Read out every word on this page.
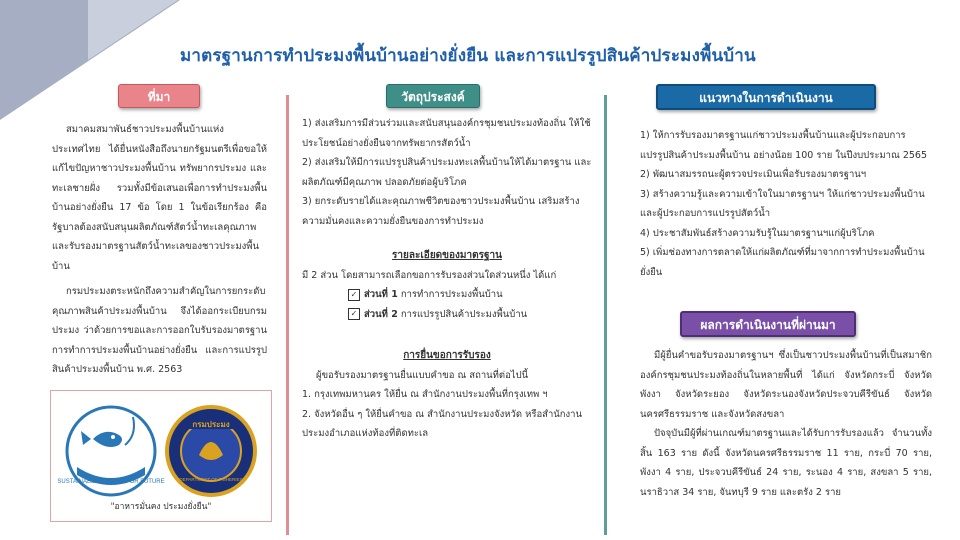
มาตรฐานการทำประมงพื้นบ้านอย่างยั่งยืน และการแปรรูปสินค้าประมงพื้นบ้าน
ที่มา

สมาคมสมาพันธ์ชาวประมงพื้นบ้านแห่งประเทศไทย ได้ยื่นหนังสือถึงนายกรัฐมนตรีเพื่อขอให้แก้ไขปัญหาชาวประมงพื้นบ้าน ทรัพยากรประมง และทะเลชายฝั่ง รวมทั้งมีข้อเสนอเพื่อการทำประมงพื้นบ้านอย่างยั่งยืน 17 ข้อ โดย 1 ในข้อเรียกร้อง คือ รัฐบาลต้องสนับสนุนผลิตภัณฑ์สัตว์น้ำทะเลคุณภาพ และรับรองมาตรฐานสัตว์น้ำทะเลของชาวประมงพื้นบ้าน

กรมประมงตระหนักถึงความสำคัญในการยกระดับคุณภาพสินค้าประมงพื้นบ้าน จึงได้ออกระเบียบกรมประมง ว่าด้วยการขอและการออกใบรับรองมาตรฐานการทำการประมงพื้นบ้านอย่างยั่งยืน และการแปรรูปสินค้าประมงพื้นบ้าน พ.ศ. 2563

SUSTAINABLE FISHING FOR FUTURE
กรมประมง
DEPARTMENT OF FISHERIES
"อาหารมั่นคง ประมงยั่งยืน"
วัตถุประสงค์

1) ส่งเสริมการมีส่วนร่วมและสนับสนุนองค์กรชุมชนประมงท้องถิ่น ให้ใช้ประโยชน์อย่างยั่งยืนจากทรัพยากรสัตว์น้ำ

2) ส่งเสริมให้มีการแปรรูปสินค้าประมงทะเลพื้นบ้านให้ได้มาตรฐาน และผลิตภัณฑ์มีคุณภาพ ปลอดภัยต่อผู้บริโภค

3) ยกระดับรายได้และคุณภาพชีวิตของชาวประมงพื้นบ้าน เสริมสร้างความมั่นคงและความยั่งยืนของการทำประมง

รายละเอียดของมาตรฐาน

มี 2 ส่วน โดยสามารถเลือกขอการรับรองส่วนใดส่วนหนึ่ง ได้แก่

✓ ส่วนที่ 1 การทำการประมงพื้นบ้าน

✓ ส่วนที่ 2 การแปรรูปสินค้าประมงพื้นบ้าน

การยื่นขอการรับรอง

ผู้ขอรับรองมาตรฐานยื่นแบบคำขอ ณ สถานที่ต่อไปนี้

1. กรุงเทพมหานคร ให้ยื่น ณ สำนักงานประมงพื้นที่กรุงเทพ ฯ

2. จังหวัดอื่น ๆ ให้ยื่นคำขอ ณ สำนักงานประมงจังหวัด หรือสำนักงานประมงอำเภอแห่งท้องที่ติดทะเล

แนวทางในการดำเนินงาน

1) ให้การรับรองมาตรฐานแก่ชาวประมงพื้นบ้านและผู้ประกอบการแปรรูปสินค้าประมงพื้นบ้าน อย่างน้อย 100 ราย ในปีงบประมาณ 2565

2) พัฒนาสมรรถนะผู้ตรวจประเมินเพื่อรับรองมาตรฐานฯ

3) สร้างความรู้และความเข้าใจในมาตรฐานฯ ให้แก่ชาวประมงพื้นบ้านและผู้ประกอบการแปรรูปสัตว์น้ำ

4) ประชาสัมพันธ์สร้างความรับรู้ในมาตรฐานฯแก่ผู้บริโภค

5) เพิ่มช่องทางการตลาดให้แก่ผลิตภัณฑ์ที่มาจากการทำประมงพื้นบ้านยั่งยืน

ผลการดำเนินงานที่ผ่านมา

มีผู้ยื่นคำขอรับรองมาตรฐานฯ ซึ่งเป็นชาวประมงพื้นบ้านที่เป็นสมาชิกองค์กรชุมชนประมงท้องถิ่นในหลายพื้นที่ ได้แก่ จังหวัดกระบี่ จังหวัดพังงา จังหวัดระยอง จังหวัดระนองจังหวัดประจวบคีรีขันธ์ จังหวัดนครศรีธรรมราช และจังหวัดสงขลา

ปัจจุบันมีผู้ที่ผ่านเกณฑ์มาตรฐานและได้รับการรับรองแล้ว จำนวนทั้งสิ้น 163 ราย ดังนี้ จังหวัดนครศรีธรรมราช 11 ราย, กระบี่ 70 ราย, พังงา 4 ราย, ประจวบคีรีขันธ์ 24 ราย, ระนอง 4 ราย, สงขลา 5 ราย, นราธิวาส 34 ราย, จันทบุรี 9 ราย และตรัง 2 ราย
